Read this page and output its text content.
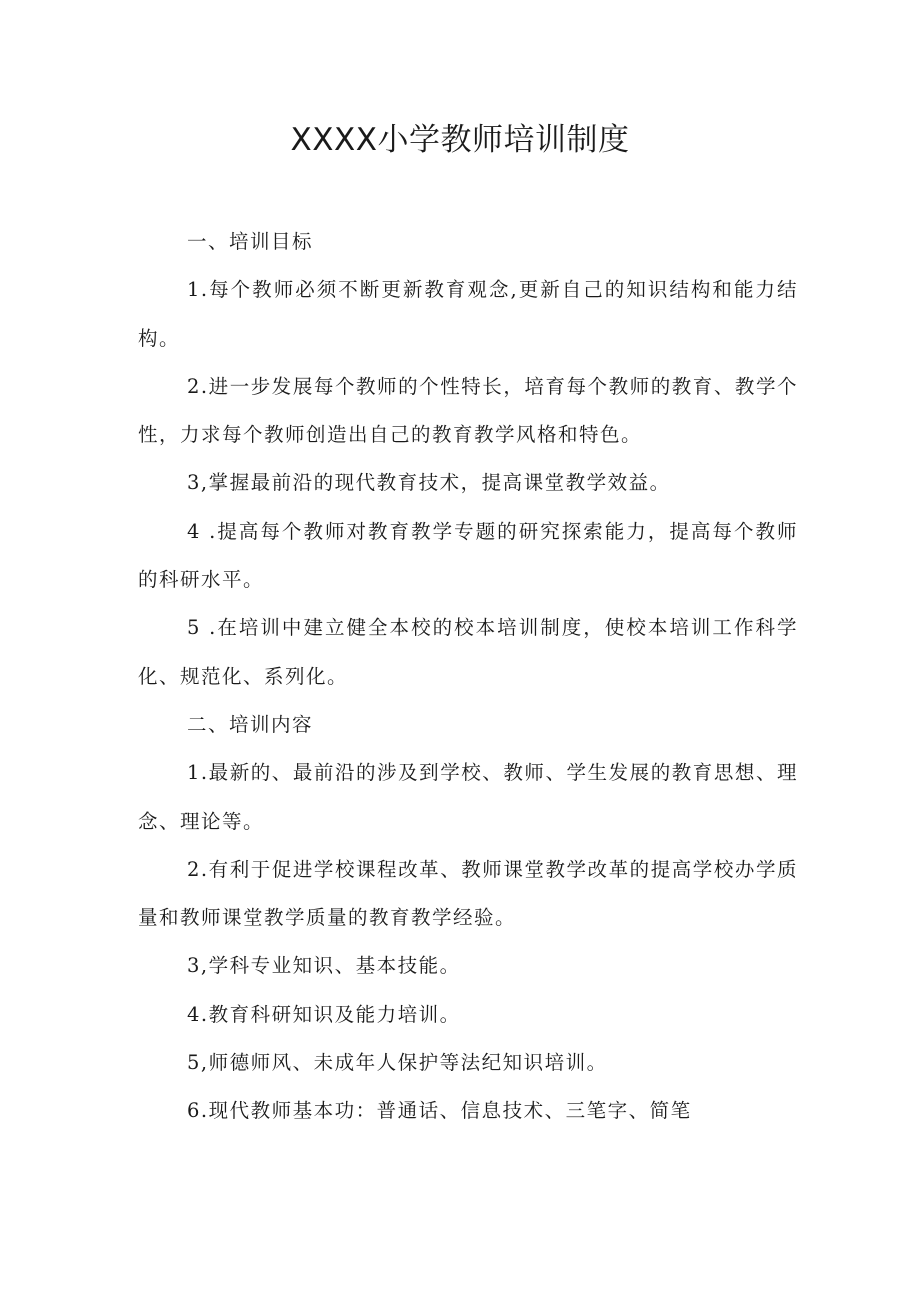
XXXX小学教师培训制度

一、培训目标

1.每个教师必须不断更新教育观念,更新自己的知识结构和能力结构。

2.进一步发展每个教师的个性特长，培育每个教师的教育、教学个性，力求每个教师创造出自己的教育教学风格和特色。

3,掌握最前沿的现代教育技术，提高课堂教学效益。

4 .提高每个教师对教育教学专题的研究探索能力，提高每个教师的科研水平。

5 .在培训中建立健全本校的校本培训制度，使校本培训工作科学化、规范化、系列化。

二、培训内容

1.最新的、最前沿的涉及到学校、教师、学生发展的教育思想、理念、理论等。

2.有利于促进学校课程改革、教师课堂教学改革的提高学校办学质量和教师课堂教学质量的教育教学经验。

3,学科专业知识、基本技能。

4.教育科研知识及能力培训。

5,师德师风、未成年人保护等法纪知识培训。

6.现代教师基本功：普通话、信息技术、三笔字、简笔
